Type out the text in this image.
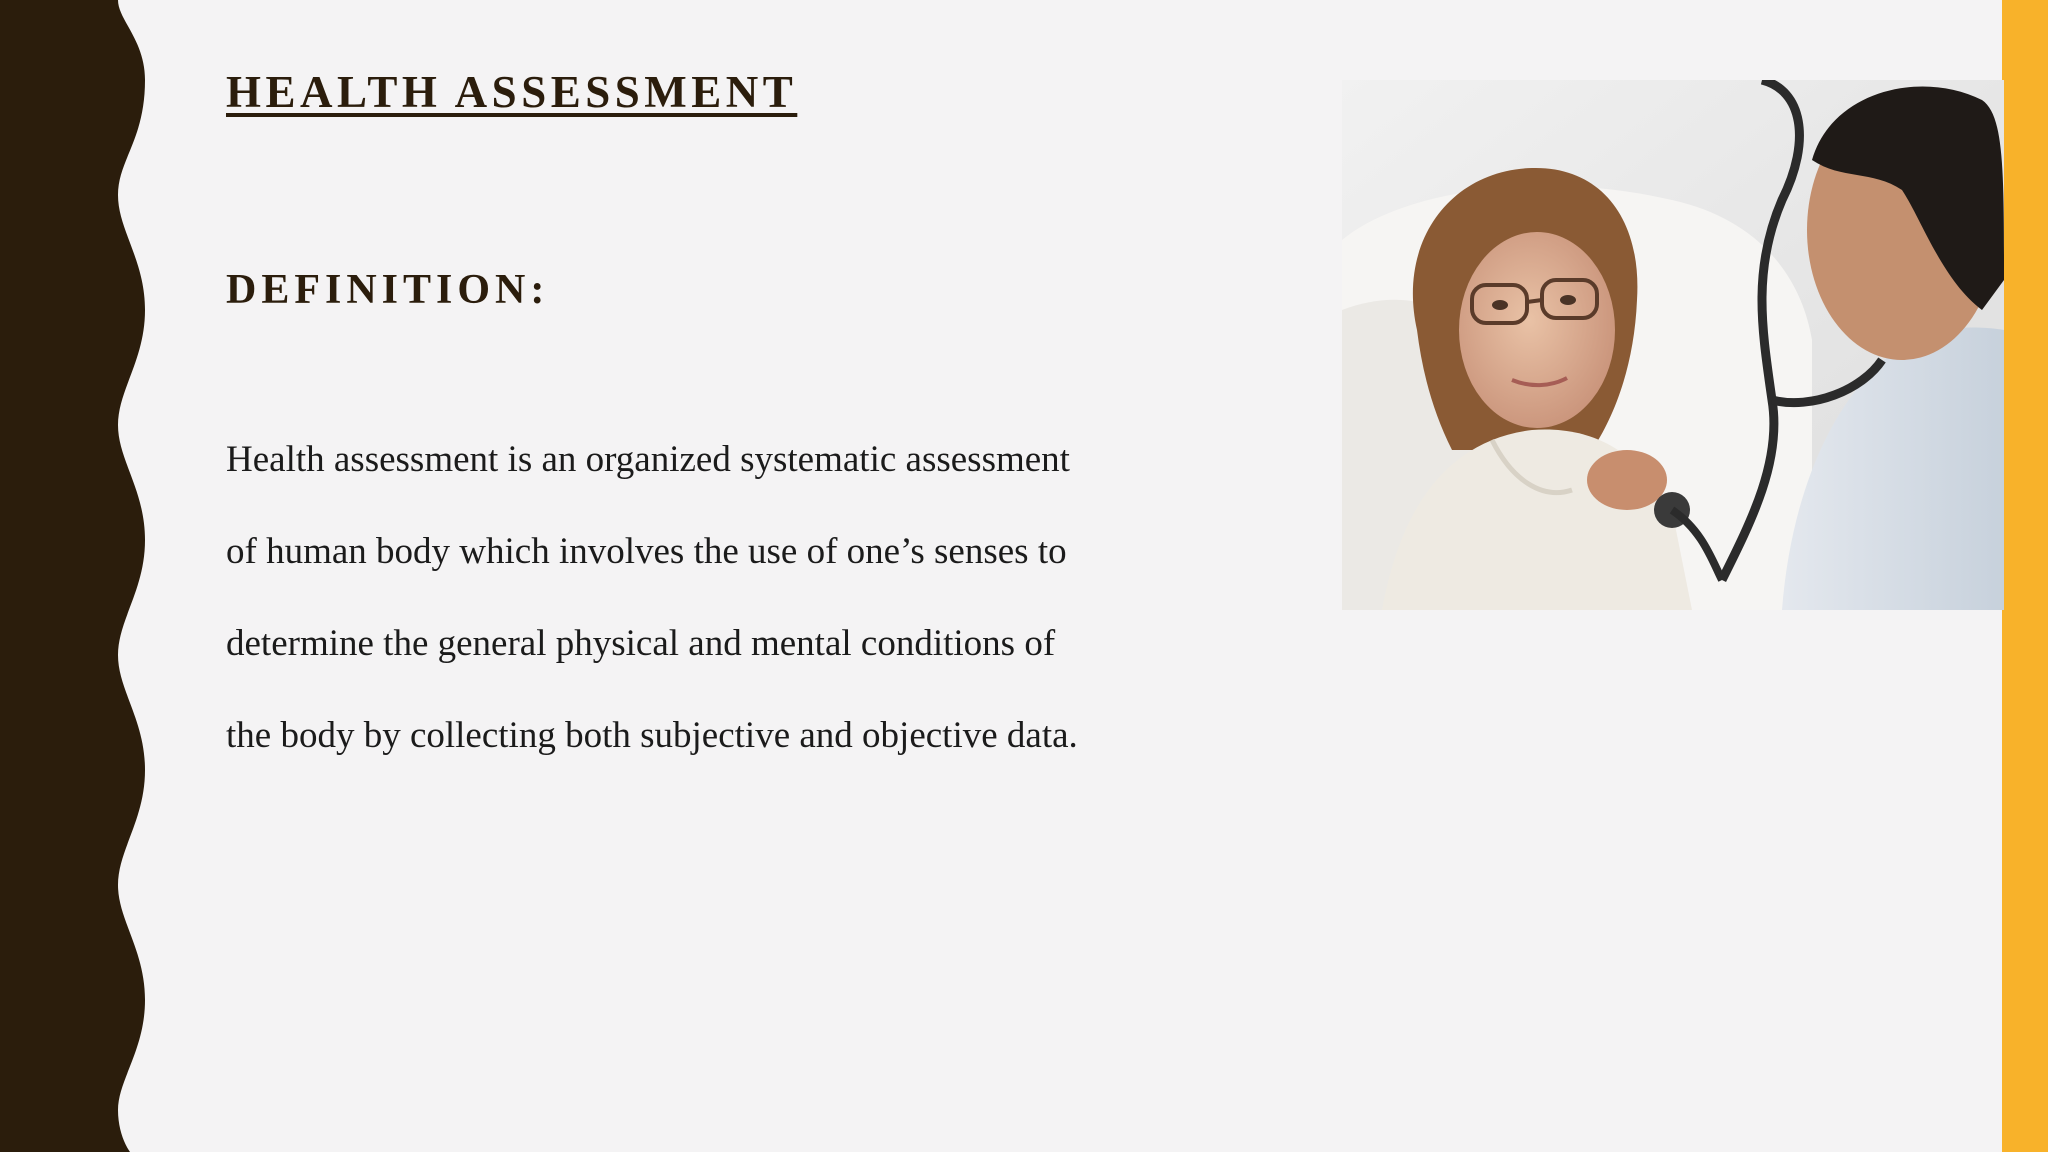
HEALTH ASSESSMENT
DEFINITION:

Health assessment is an organized systematic assessment
of human body which involves the use of one’s senses to
determine the general physical and mental conditions of
the body by collecting both subjective and objective data.
